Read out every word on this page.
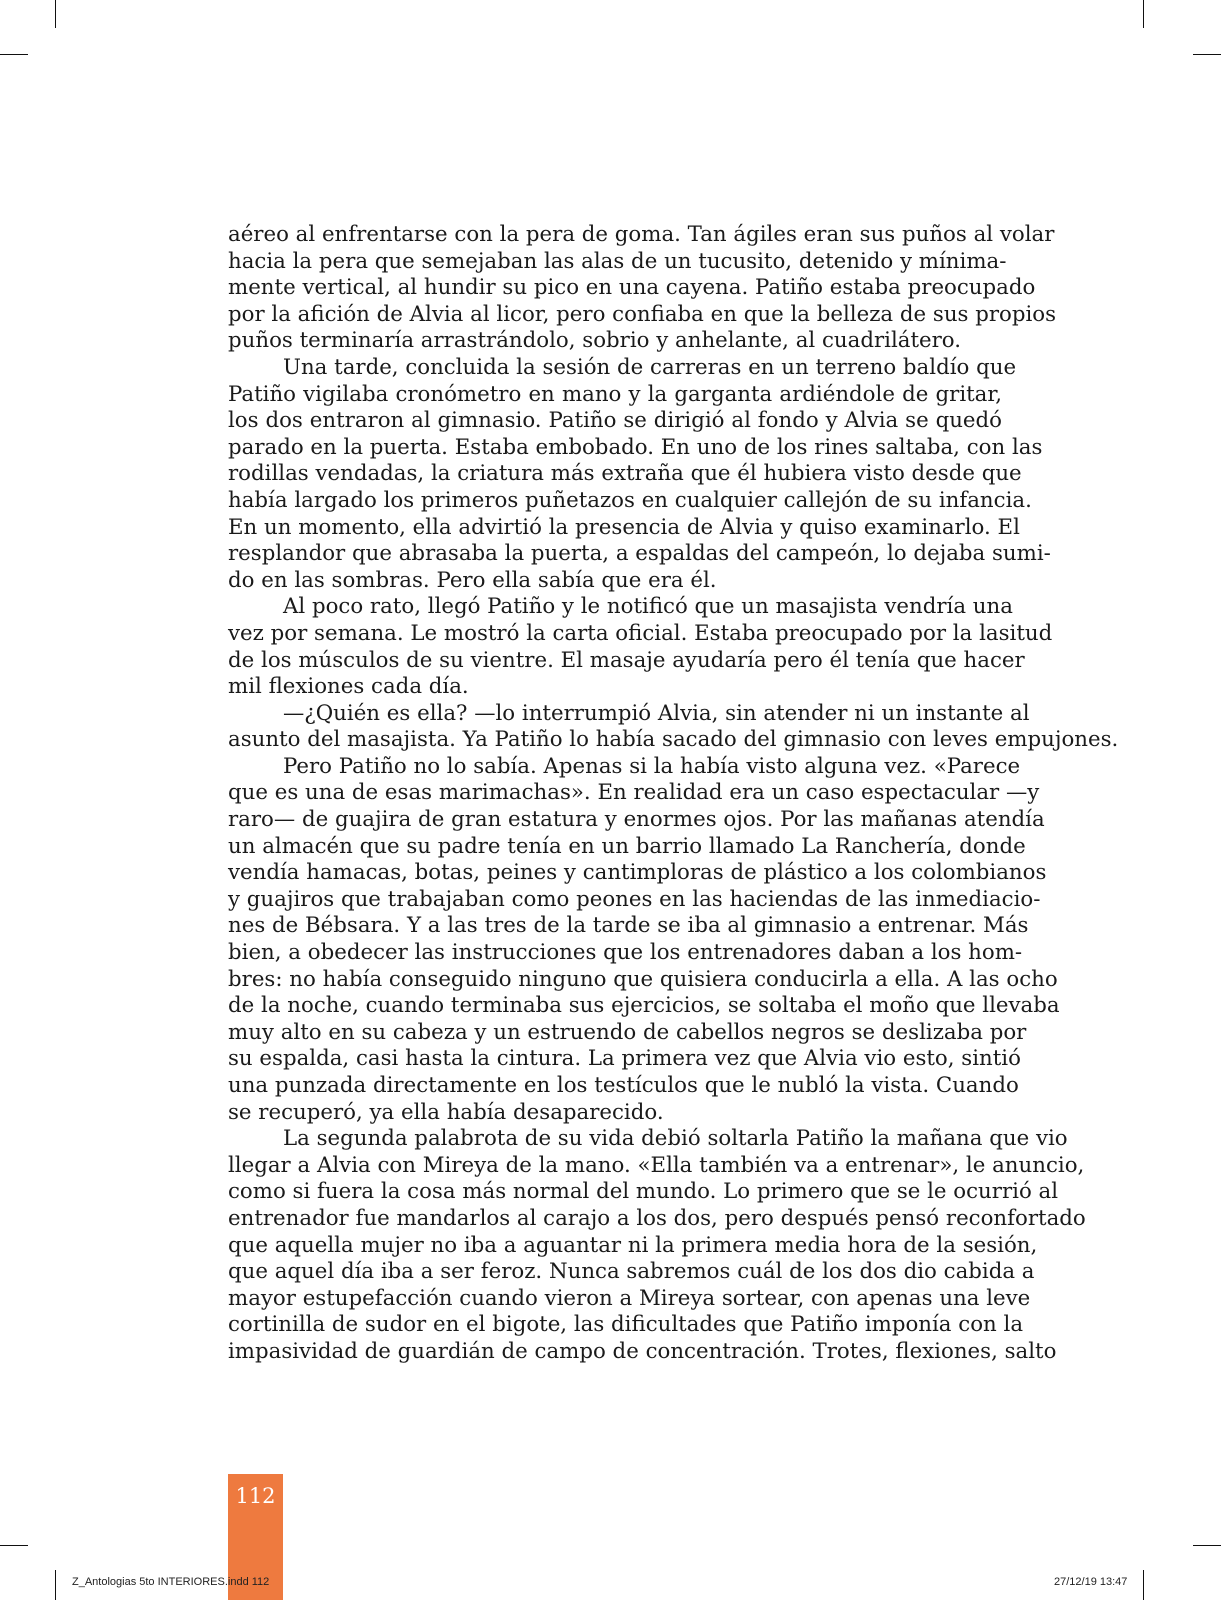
aéreo al enfrentarse con la pera de goma. Tan ágiles eran sus puños al volar
hacia la pera que semejaban las alas de un tucusito, detenido y mínima-
mente vertical, al hundir su pico en una cayena. Patiño estaba preocupado
por la afición de Alvia al licor, pero confiaba en que la belleza de sus propios
puños terminaría arrastrándolo, sobrio y anhelante, al cuadrilátero.
Una tarde, concluida la sesión de carreras en un terreno baldío que
Patiño vigilaba cronómetro en mano y la garganta ardiéndole de gritar,
los dos entraron al gimnasio. Patiño se dirigió al fondo y Alvia se quedó
parado en la puerta. Estaba embobado. En uno de los rines saltaba, con las
rodillas vendadas, la criatura más extraña que él hubiera visto desde que
había largado los primeros puñetazos en cualquier callejón de su infancia.
En un momento, ella advirtió la presencia de Alvia y quiso examinarlo. El
resplandor que abrasaba la puerta, a espaldas del campeón, lo dejaba sumi-
do en las sombras. Pero ella sabía que era él.
Al poco rato, llegó Patiño y le notificó que un masajista vendría una
vez por semana. Le mostró la carta oficial. Estaba preocupado por la lasitud
de los músculos de su vientre. El masaje ayudaría pero él tenía que hacer
mil flexiones cada día.
—¿Quién es ella? —lo interrumpió Alvia, sin atender ni un instante al
asunto del masajista. Ya Patiño lo había sacado del gimnasio con leves empujones.
Pero Patiño no lo sabía. Apenas si la había visto alguna vez. «Parece
que es una de esas marimachas». En realidad era un caso espectacular —y
raro— de guajira de gran estatura y enormes ojos. Por las mañanas atendía
un almacén que su padre tenía en un barrio llamado La Ranchería, donde
vendía hamacas, botas, peines y cantimploras de plástico a los colombianos
y guajiros que trabajaban como peones en las haciendas de las inmediacio-
nes de Bébsara. Y a las tres de la tarde se iba al gimnasio a entrenar. Más
bien, a obedecer las instrucciones que los entrenadores daban a los hom-
bres: no había conseguido ninguno que quisiera conducirla a ella. A las ocho
de la noche, cuando terminaba sus ejercicios, se soltaba el moño que llevaba
muy alto en su cabeza y un estruendo de cabellos negros se deslizaba por
su espalda, casi hasta la cintura. La primera vez que Alvia vio esto, sintió
una punzada directamente en los testículos que le nubló la vista. Cuando
se recuperó, ya ella había desaparecido.
La segunda palabrota de su vida debió soltarla Patiño la mañana que vio
llegar a Alvia con Mireya de la mano. «Ella también va a entrenar», le anuncio,
como si fuera la cosa más normal del mundo. Lo primero que se le ocurrió al
entrenador fue mandarlos al carajo a los dos, pero después pensó reconfortado
que aquella mujer no iba a aguantar ni la primera media hora de la sesión,
que aquel día iba a ser feroz. Nunca sabremos cuál de los dos dio cabida a
mayor estupefacción cuando vieron a Mireya sortear, con apenas una leve
cortinilla de sudor en el bigote, las dificultades que Patiño imponía con la
impasividad de guardián de campo de concentración. Trotes, flexiones, salto
112
Z_Antologias 5to INTERIORES.indd 112	27/12/19 13:47
